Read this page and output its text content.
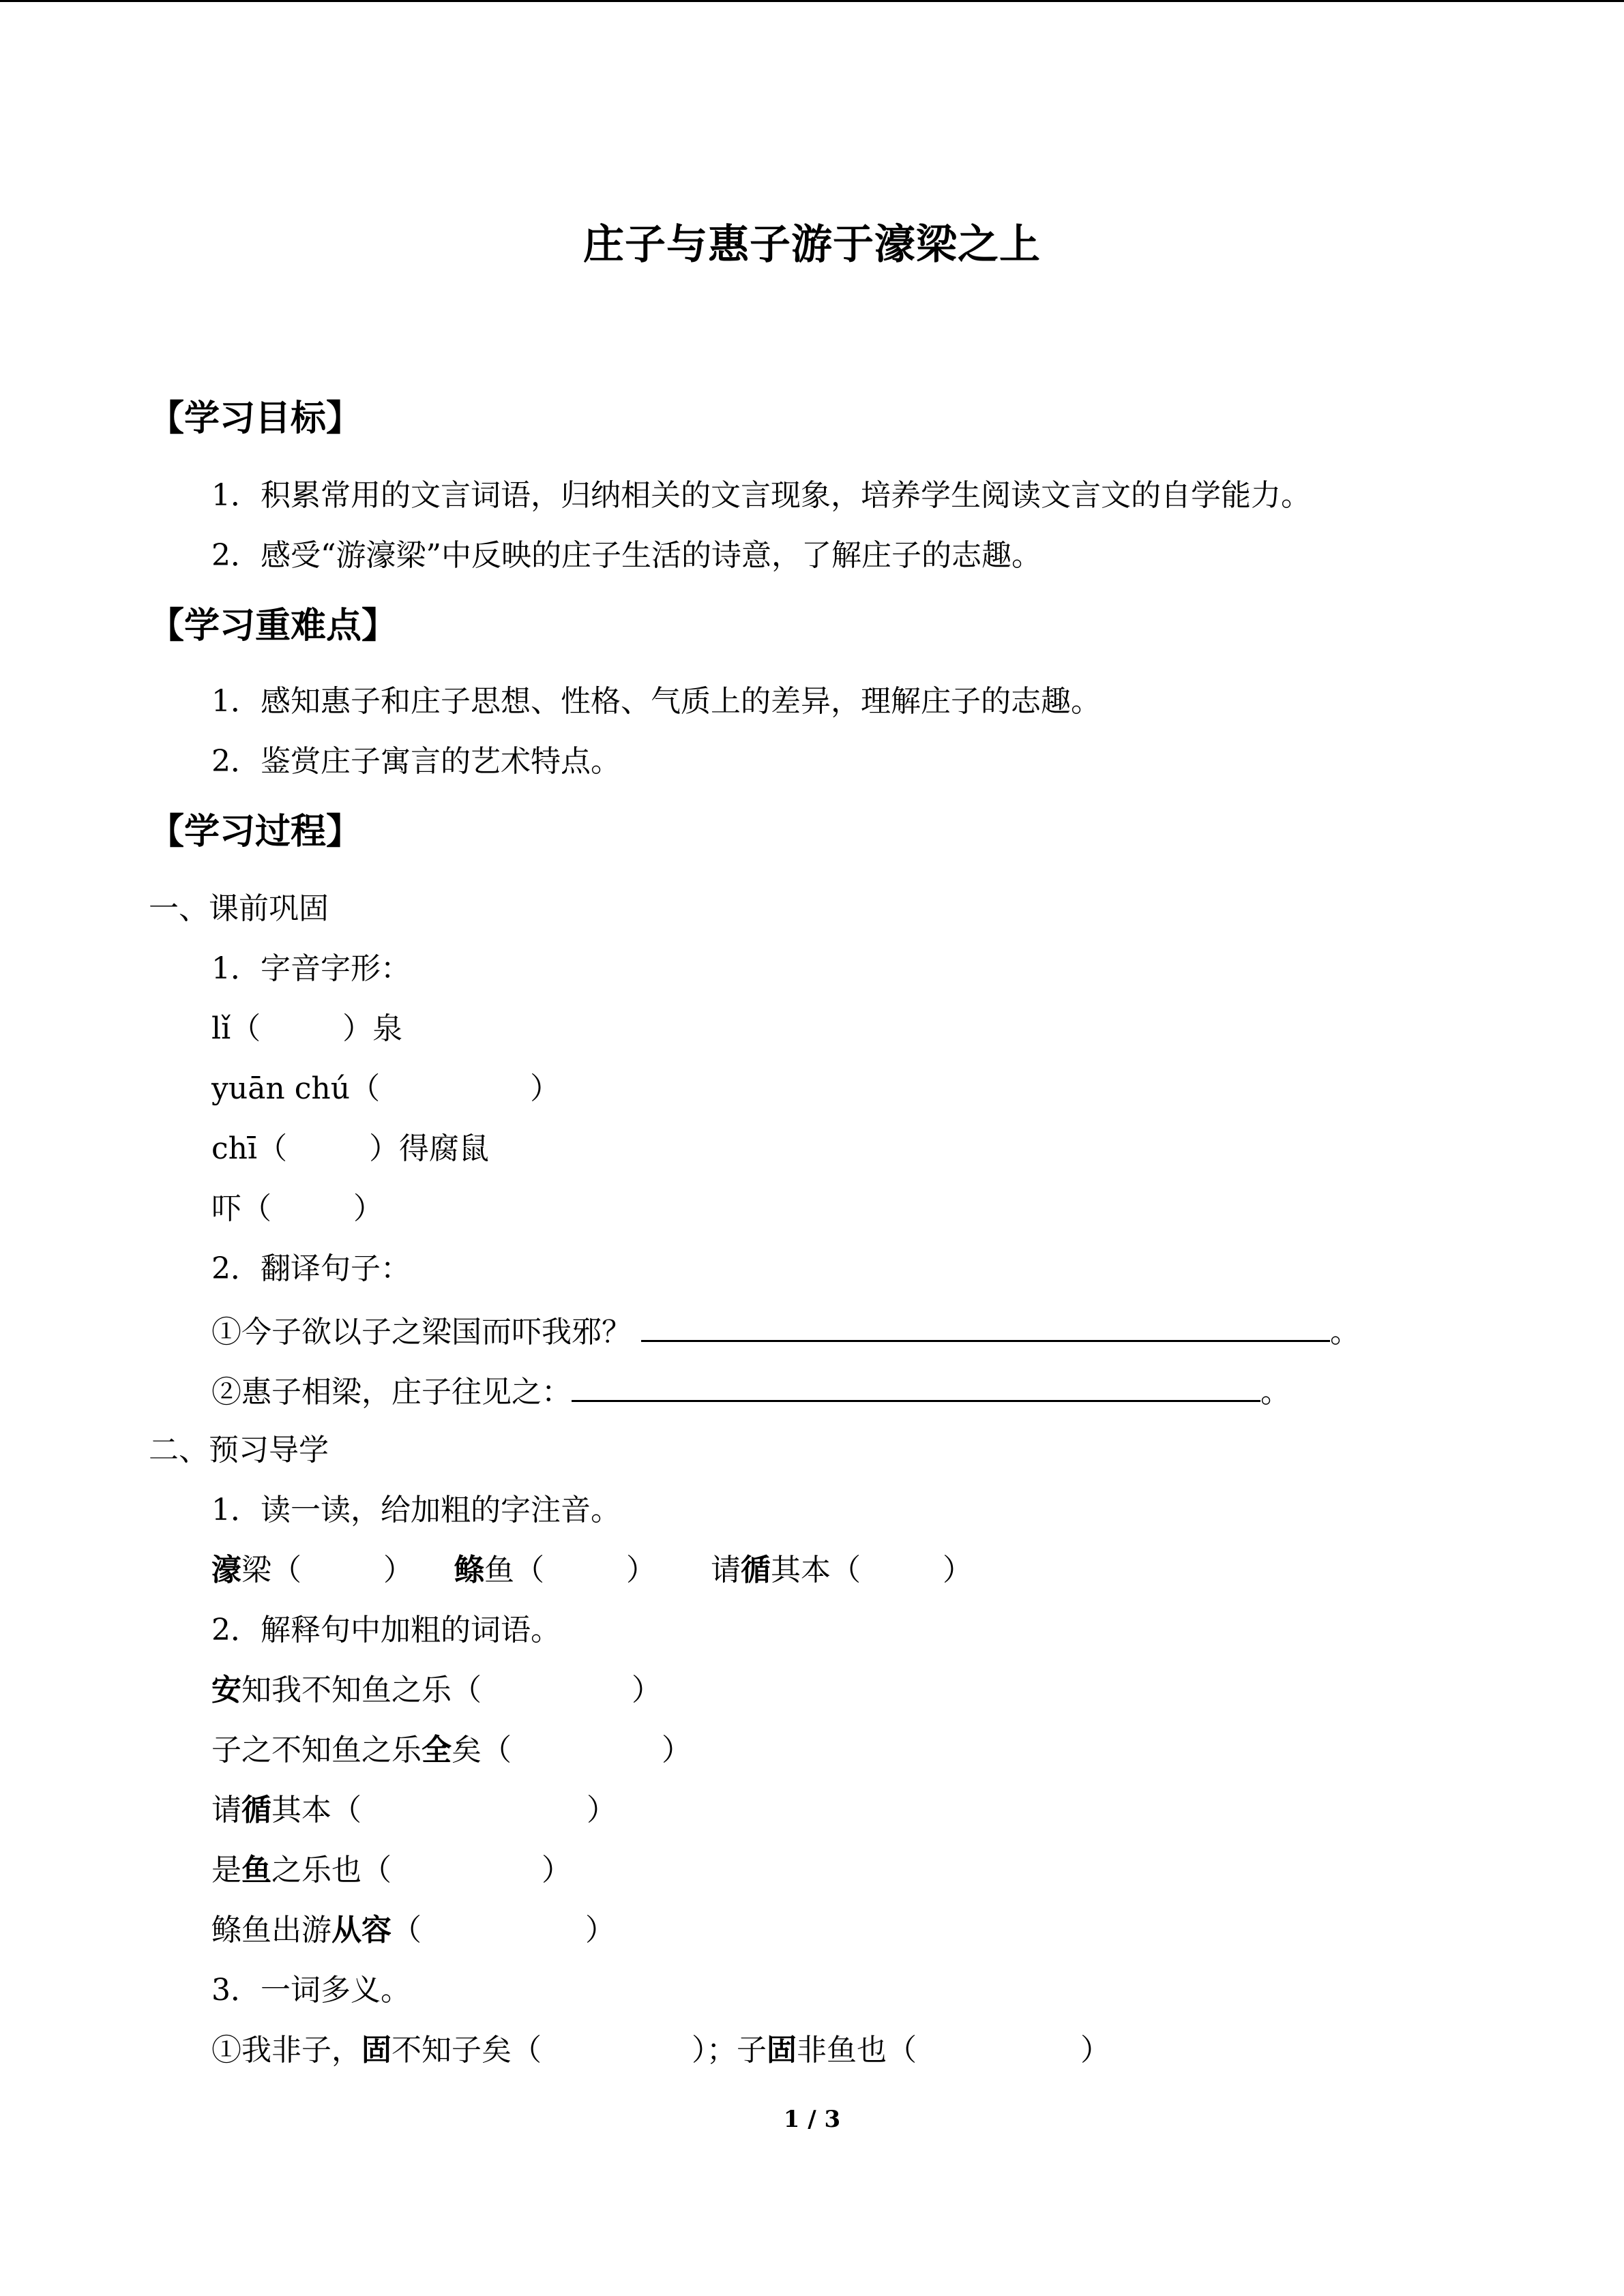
庄子与惠子游于濠梁之上
【学习目标】
1．积累常用的文言词语，归纳相关的文言现象，培养学生阅读文言文的自学能力。
2．感受“游濠梁”中反映的庄子生活的诗意，了解庄子的志趣。
【学习重难点】
1．感知惠子和庄子思想、性格、气质上的差异，理解庄子的志趣。
2．鉴赏庄子寓言的艺术特点。
【学习过程】
一、课前巩固
1．字音字形：
lǐ（	）泉
yuān chú（	）
chī（	）得腐鼠
吓（	）
2．翻译句子：
①今子欲以子之梁国而吓我邪？	。
②惠子相梁，庄子往见之：	。
二、预习导学
1．读一读，给加粗的字注音。
濠梁（	） 鲦鱼（	） 请循其本（	）
2．解释句中加粗的词语。
安知我不知鱼之乐（	）
子之不知鱼之乐全矣（	）
请循其本（	）
是鱼之乐也（	）
鲦鱼出游从容（	）
3．一词多义。
①我非子，固不知子矣（	）；子固非鱼也（	）
1 / 3
